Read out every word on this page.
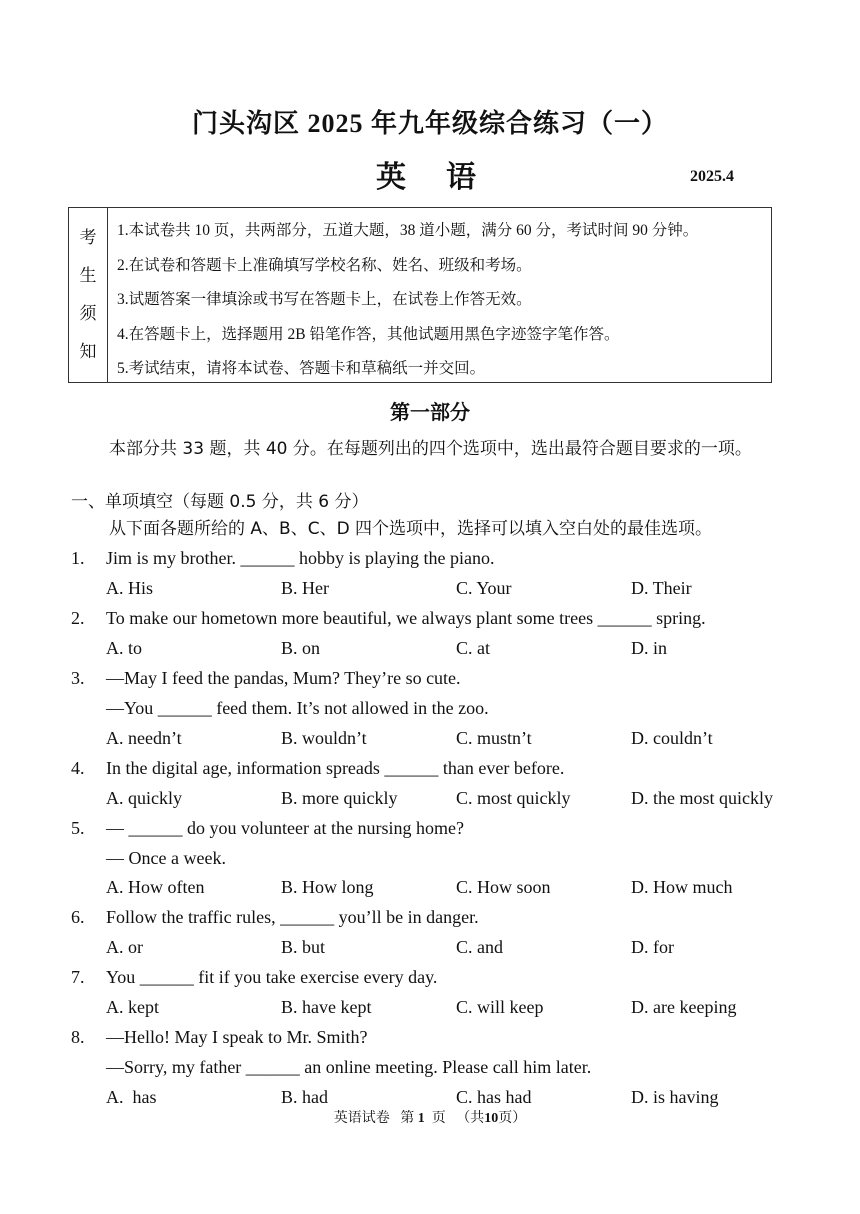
门头沟区 2025 年九年级综合练习（一）
英语	2025.4
考
生
须
知
1.本试卷共 10 页，共两部分，五道大题，38 道小题，满分 60 分，考试时间 90 分钟。
2.在试卷和答题卡上准确填写学校名称、姓名、班级和考场。
3.试题答案一律填涂或书写在答题卡上，在试卷上作答无效。
4.在答题卡上，选择题用 2B 铅笔作答，其他试题用黑色字迹签字笔作答。
5.考试结束，请将本试卷、答题卡和草稿纸一并交回。
第一部分
本部分共 33 题，共 40 分。在每题列出的四个选项中，选出最符合题目要求的一项。
一、单项填空（每题 0.5 分，共 6 分）
从下面各题所给的 A、B、C、D 四个选项中，选择可以填入空白处的最佳选项。
1. Jim is my brother. ______ hobby is playing the piano.
A. His	B. Her	C. Your	D. Their
2. To make our hometown more beautiful, we always plant some trees ______ spring.
A. to	B. on	C. at	D. in
3. —May I feed the pandas, Mum? They’re so cute.
—You ______ feed them. It’s not allowed in the zoo.
A. needn’t	B. wouldn’t	C. mustn’t	D. couldn’t
4. In the digital age, information spreads ______ than ever before.
A. quickly	B. more quickly	C. most quickly	D. the most quickly
5. — ______ do you volunteer at the nursing home?
— Once a week.
A. How often	B. How long	C. How soon	D. How much
6. Follow the traffic rules, ______ you’ll be in danger.
A. or	B. but	C. and	D. for
7. You ______ fit if you take exercise every day.
A. kept	B. have kept	C. will keep	D. are keeping
8. —Hello! May I speak to Mr. Smith?
—Sorry, my father ______ an online meeting. Please call him later.
A.  has	B. had	C. has had	D. is having
英语试卷 第 1 页 （共10页）
